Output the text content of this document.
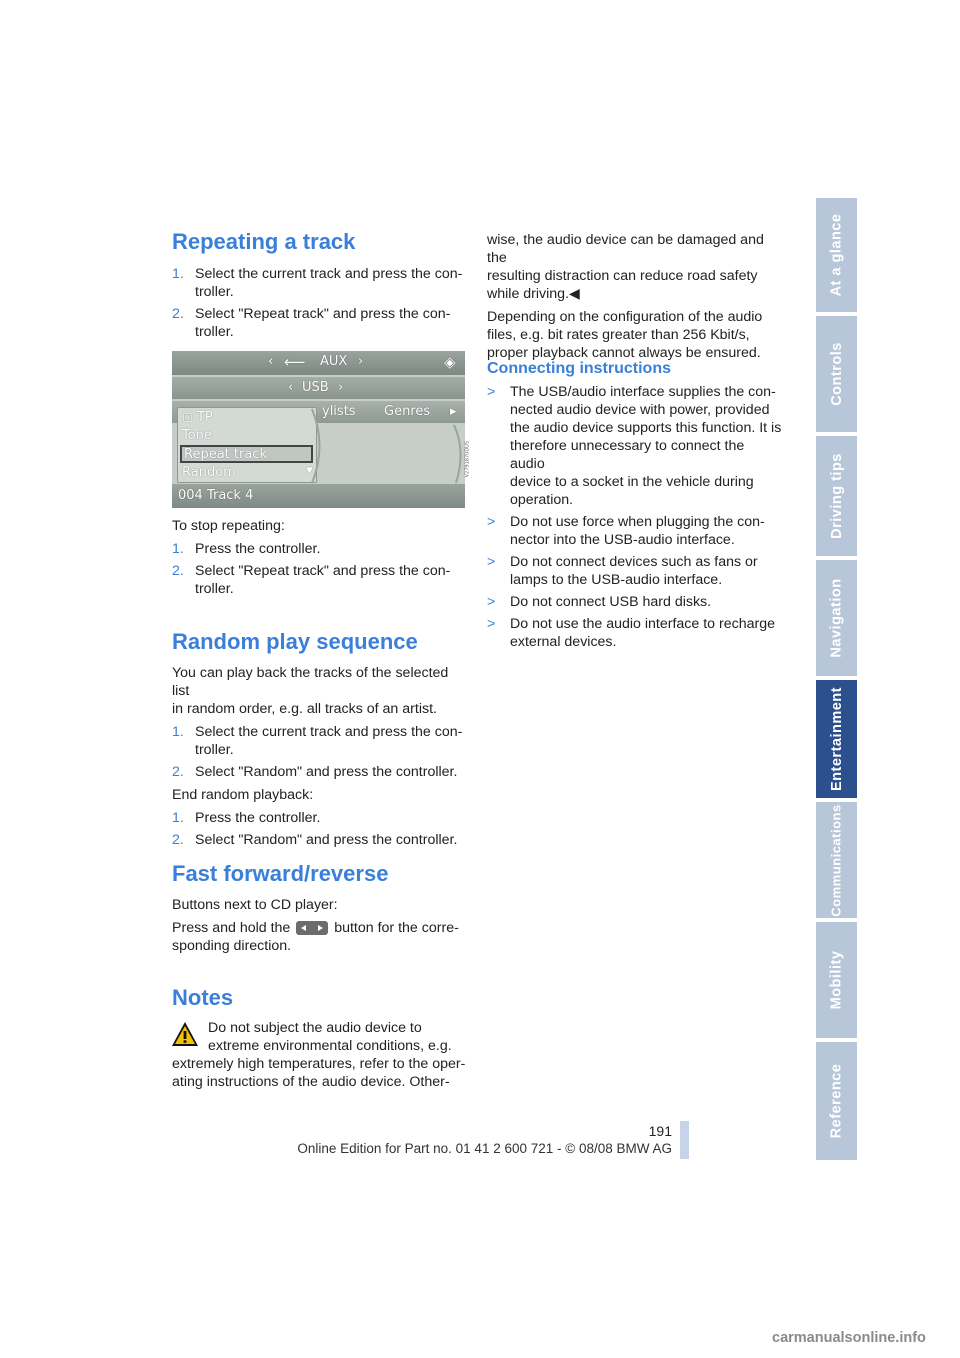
At a glance
Controls
Driving tips
Navigation
Entertainment
Communications
Mobility
Reference
Repeating a track

1. Select the current track and press the con-
troller.

2. Select "Repeat track" and press the con-
troller.

‹ ⟵ AUX ›	◈
‹ USB ›
ylists Genres ▸
◻ TP
Tone
Repeat track
Random	▼
004 Track 4
V2791870DUS

To stop repeating:

1. Press the controller.

2. Select "Repeat track" and press the con-
troller.

Random play sequence

You can play back the tracks of the selected list
in random order, e.g. all tracks of an artist.

1. Select the current track and press the con-
troller.

2. Select "Random" and press the controller.

End random playback:

1. Press the controller.

2. Select "Random" and press the controller.

Fast forward/reverse

Buttons next to CD player:

Press and hold the	button for the corre-
sponding direction.

Notes

Do not subject the audio device to
extreme environmental conditions, e.g.

extremely high temperatures, refer to the oper-
ating instructions of the audio device. Other-

wise, the audio device can be damaged and the
resulting distraction can reduce road safety
while driving.◀

Depending on the configuration of the audio
files, e.g. bit rates greater than 256 Kbit/s,
proper playback cannot always be ensured.

Connecting instructions

> The USB/audio interface supplies the con-
nected audio device with power, provided
the audio device supports this function. It is
therefore unnecessary to connect the audio
device to a socket in the vehicle during
operation.

> Do not use force when plugging the con-
nector into the USB-audio interface.

> Do not connect devices such as fans or
lamps to the USB-audio interface.

> Do not connect USB hard disks.

> Do not use the audio interface to recharge
external devices.

191
Online Edition for Part no. 01 41 2 600 721 - © 08/08 BMW AG
carmanualsonline.info
